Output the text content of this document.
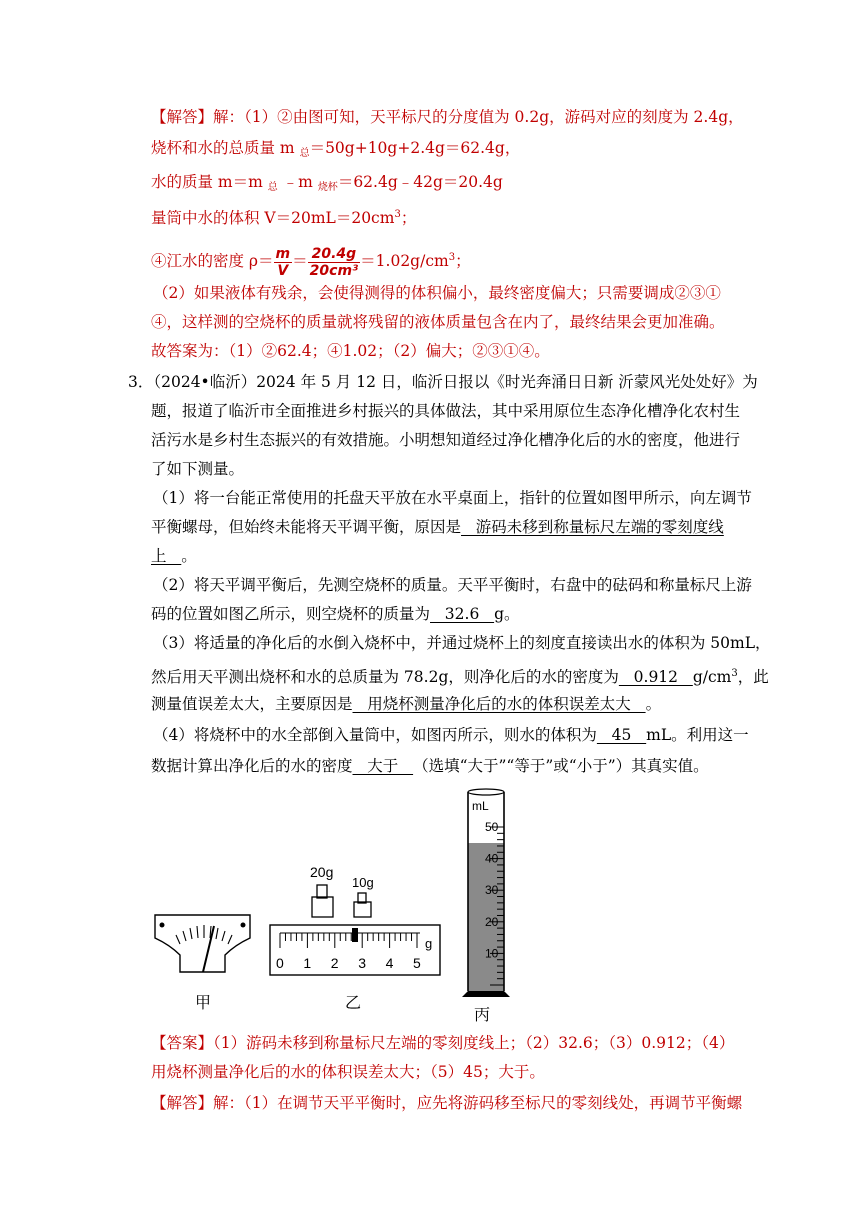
【解答】解：（1）②由图可知，天平标尺的分度值为 0.2g，游码对应的刻度为 2.4g，
烧杯和水的总质量 m $_总$＝50g+10g+2.4g＝62.4g，
水的质量 m＝m $_总$ ﹣m $_{烧杯}$＝62.4g﹣42g＝20.4g
量筒中水的体积 $V=20mL=20cm^3$；
④江水的密度 $\rho= \frac{m}{V} = \frac{20.4g}{\text{20cm³}} =1.02g/cm^3$；
（2）如果液体有残余，会使得测得的体积偏小，最终密度偏大；只需要调成②③①
④，这样测的空烧杯的质量就将残留的液体质量包含在内了，最终结果会更加准确。
故答案为：（1）②62.4；④1.02；（2）偏大；②③①④。
3．（2024•临沂）2024 年 5 月 12 日，临沂日报以《时光奔涌日日新 沂蒙风光处处好》为
题，报道了临沂市全面推进乡村振兴的具体做法，其中采用原位生态净化槽净化农村生
活污水是乡村生态振兴的有效措施。小明想知道经过净化槽净化后的水的密度，他进行
了如下测量。
（1）将一台能正常使用的托盘天平放在水平桌面上，指针的位置如图甲所示，向左调节
平衡螺母，但始终未能将天平调平衡，原因是   游码未移到称量标尺左端的零刻度线
上   。
（2）将天平调平衡后，先测空烧杯的质量。天平平衡时，右盘中的砝码和称量标尺上游
码的位置如图乙所示，则空烧杯的质量为   32.6   g。
（3）将适量的净化后的水倒入烧杯中，并通过烧杯上的刻度直接读出水的体积为 50mL，
然后用天平测出烧杯和水的总质量为 78.2g，则净化后的水的密度为   0.912   $g/cm^3$，此
测量值误差太大，主要原因是   用烧杯测量净化后的水的体积误差太大   。
（4）将烧杯中的水全部倒入量筒中，如图丙所示，则水的体积为   45   mL。利用这一
数据计算出净化后的水的密度   大于   （选填“大于”“等于”或“小于”）其真实值。
甲
20g
10g
0 1 2 3 4 5
g
乙
mL
50
40
30
20
10
丙
【答案】（1）游码未移到称量标尺左端的零刻度线上；（2）32.6；（3）0.912；（4）
用烧杯测量净化后的水的体积误差太大；（5）45；大于。
【解答】解：（1）在调节天平平衡时，应先将游码移至标尺的零刻线处，再调节平衡螺
